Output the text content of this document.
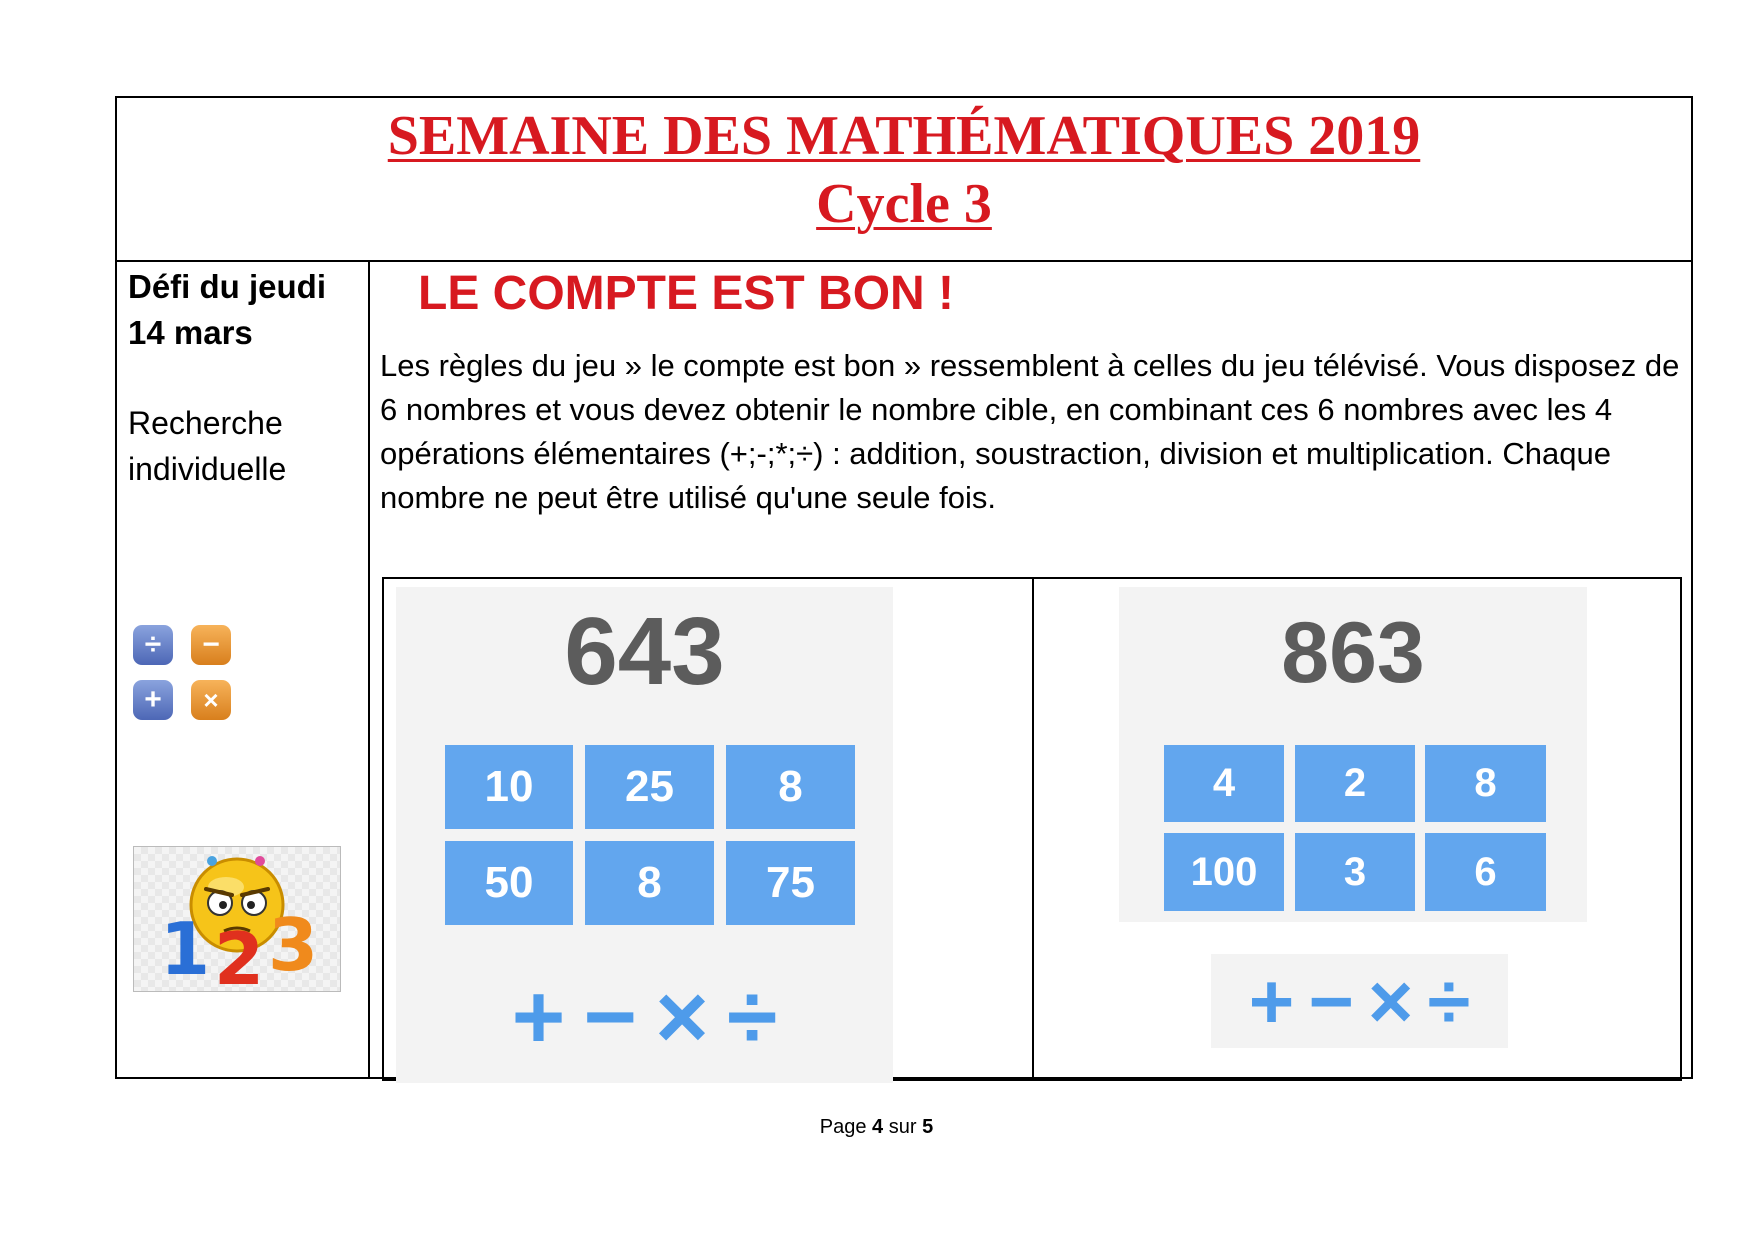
SEMAINE DES MATHÉMATIQUES 2019
Cycle 3
Défi du jeudi
14 mars
Recherche
individuelle
÷	−
+	×
1 2 3
LE COMPTE EST BON !

Les règles du jeu » le compte est bon » ressemblent à celles du jeu télévisé. Vous disposez de 6 nombres et vous devez obtenir le nombre cible, en combinant ces 6 nombres avec les 4 opérations élémentaires (+;-;*;÷) : addition, soustraction, division et multiplication. Chaque nombre ne peut être utilisé qu'une seule fois.

643
10	25	8
50	8	75
+ − × ÷
863
4	2	8
100	3	6
+ − × ÷
Page 4 sur 5
